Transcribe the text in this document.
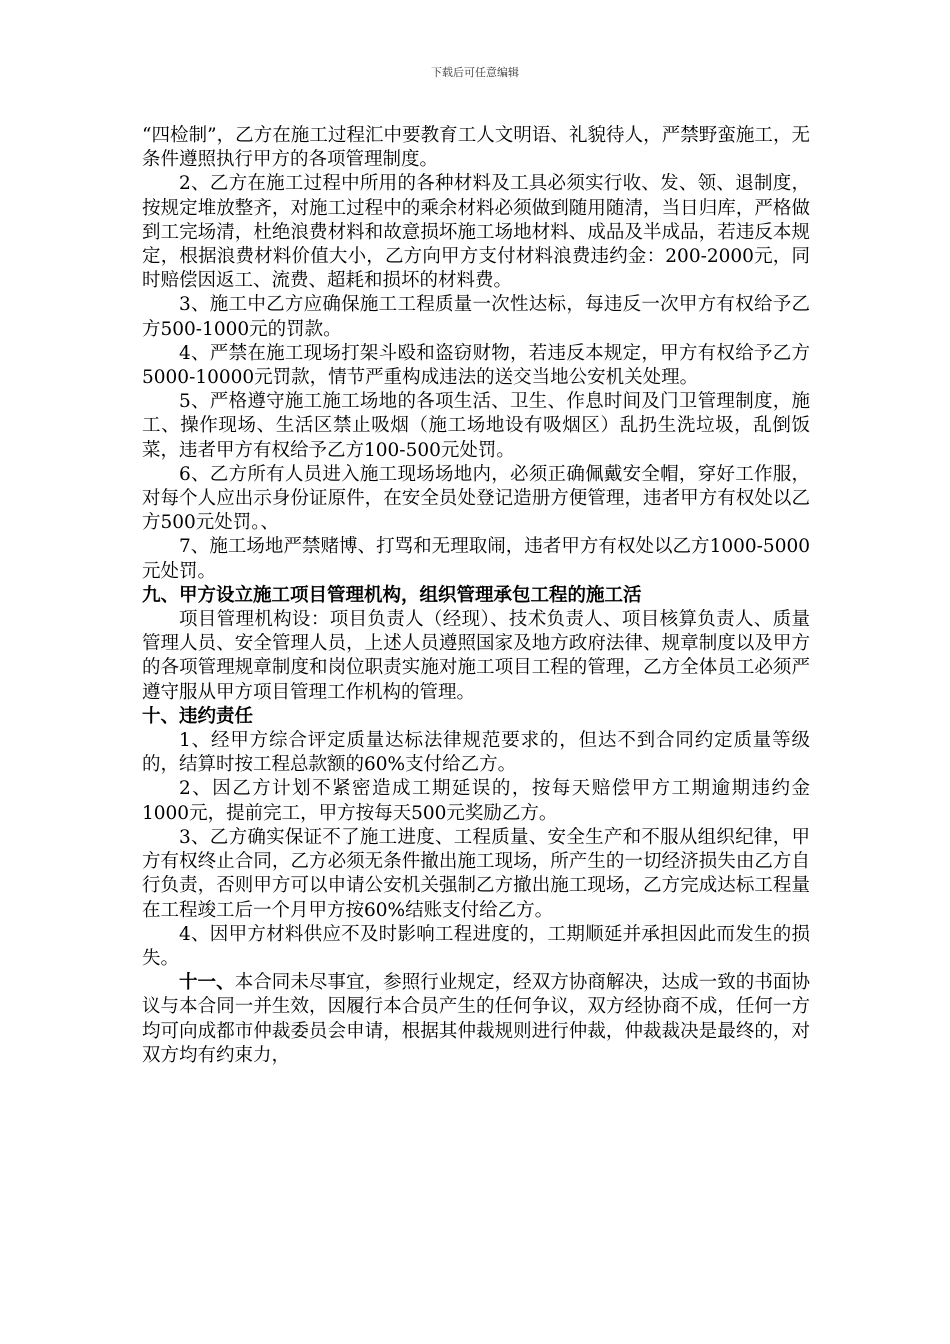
下载后可任意编辑

“四检制”，乙方在施工过程汇中要教育工人文明语、礼貌待人，严禁野蛮施工，无条件遵照执行甲方的各项管理制度。

2、乙方在施工过程中所用的各种材料及工具必须实行收、发、领、退制度，按规定堆放整齐，对施工过程中的乘余材料必须做到随用随清，当日归库，严格做到工完场清，杜绝浪费材料和故意损坏施工场地材料、成品及半成品，若违反本规定，根据浪费材料价值大小，乙方向甲方支付材料浪费违约金：200-2000元，同时赔偿因返工、流费、超耗和损坏的材料费。

3、施工中乙方应确保施工工程质量一次性达标，每违反一次甲方有权给予乙方500-1000元的罚款。

4、严禁在施工现场打架斗殴和盗窃财物，若违反本规定，甲方有权给予乙方5000-10000元罚款，情节严重构成违法的送交当地公安机关处理。

5、严格遵守施工施工场地的各项生活、卫生、作息时间及门卫管理制度，施工、操作现场、生活区禁止吸烟（施工场地设有吸烟区）乱扔生洗垃圾，乱倒饭菜，违者甲方有权给予乙方100-500元处罚。

6、乙方所有人员进入施工现场场地内，必须正确佩戴安全帽，穿好工作服，对每个人应出示身份证原件，在安全员处登记造册方便管理，违者甲方有权处以乙方500元处罚。、

7、施工场地严禁赌博、打骂和无理取闹，违者甲方有权处以乙方1000-5000元处罚。

九、甲方设立施工项目管理机构，组织管理承包工程的施工活

项目管理机构设：项目负责人（经现）、技术负责人、项目核算负责人、质量管理人员、安全管理人员，上述人员遵照国家及地方政府法律、规章制度以及甲方的各项管理规章制度和岗位职责实施对施工项目工程的管理，乙方全体员工必须严遵守服从甲方项目管理工作机构的管理。

十、违约责任

1、经甲方综合评定质量达标法律规范要求的，但达不到合同约定质量等级的，结算时按工程总款额的60%支付给乙方。

2、因乙方计划不紧密造成工期延误的，按每天赔偿甲方工期逾期违约金1000元，提前完工，甲方按每天500元奖励乙方。

3、乙方确实保证不了施工进度、工程质量、安全生产和不服从组织纪律，甲方有权终止合同，乙方必须无条件撤出施工现场，所产生的一切经济损失由乙方自行负责，否则甲方可以申请公安机关强制乙方撤出施工现场，乙方完成达标工程量在工程竣工后一个月甲方按60%结账支付给乙方。

4、因甲方材料供应不及时影响工程进度的，工期顺延并承担因此而发生的损失。

十一、本合同未尽事宜，参照行业规定，经双方协商解决，达成一致的书面协议与本合同一并生效，因履行本合员产生的任何争议，双方经协商不成，任何一方均可向成都市仲裁委员会申请，根据其仲裁规则进行仲裁，仲裁裁决是最终的，对双方均有约束力，
